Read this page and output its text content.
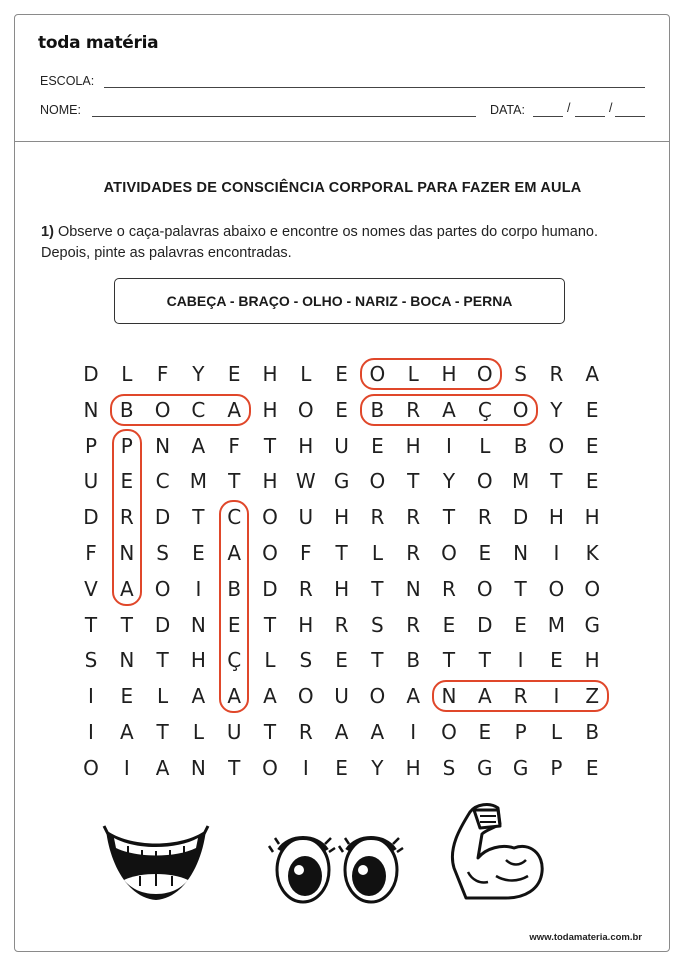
toda matéria
ESCOLA:
NOME:	DATA:	/	/
ATIVIDADES DE CONSCIÊNCIA CORPORAL PARA FAZER EM AULA
1) Observe o caça-palavras abaixo e encontre os nomes das partes do corpo humano. Depois, pinte as palavras encontradas.
CABEÇA - BRAÇO - OLHO - NARIZ - BOCA - PERNA
D	L	F	Y	E	H	L	E	O	L	H	O	S	R	A
N	B	O	C	A	H	O	E	B	R	A	Ç	O	Y	E
P	P	N	A	F	T	H	U	E	H	I	L	B	O	E
U	E	C	M	T	H W G	O	T	Y	O M	T	E
D	R	D	T	C	O	U	H	R	R	T	R	D	H	H
F	N	S	E	A	O	F	T	L	R	O	E	N	I	K
V	A	O	I	B	D	R	H	T	N	R	O	T	O	O
T	T	D	N	E	T	H	R	S	R	E	D	E	M G
S	N	T	H	Ç	L	S	E	T	B	T	T	I	E	H
I	E	L	A	A	A	O	U	O	A	N	A	R	I	Z
I	A	T	L	U	T	R	A	A	I	O	E	P	L	B
O	I	A	N	T	O	I	E	Y	H	S	G	G	P	E
www.todamateria.com.br
